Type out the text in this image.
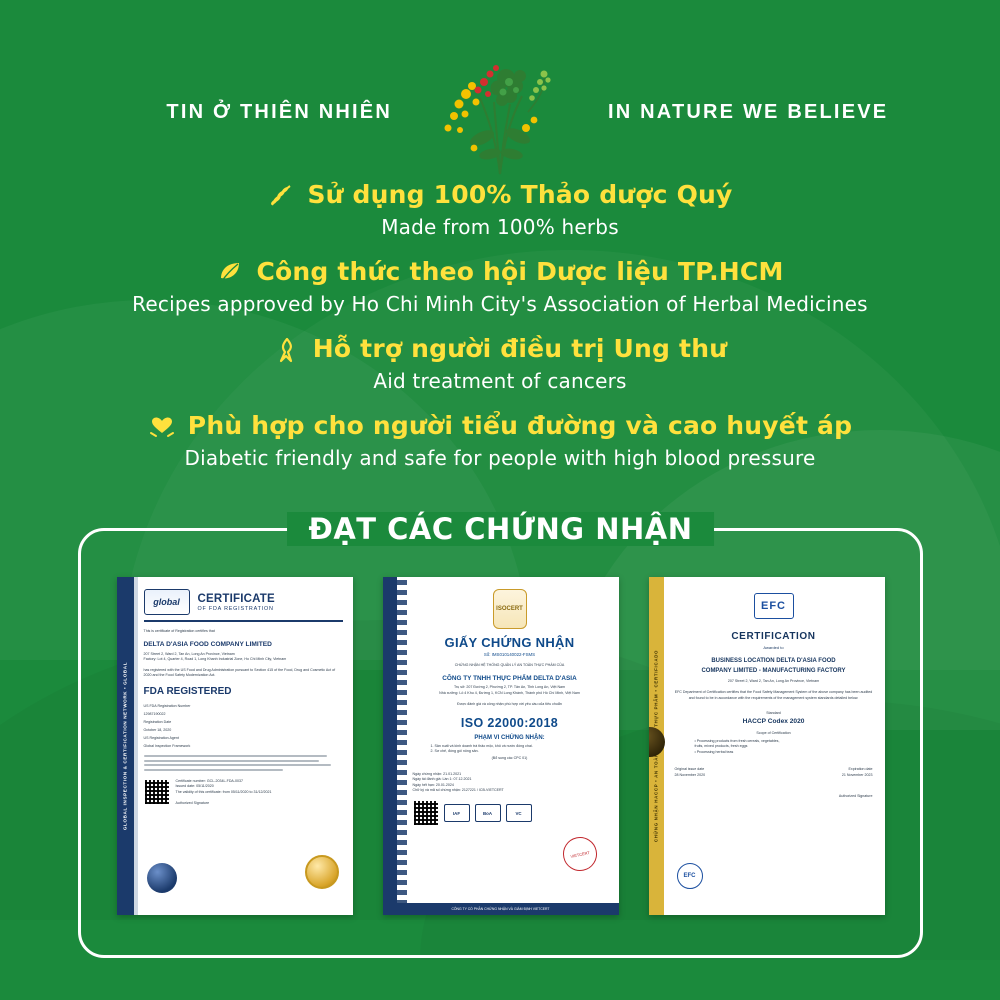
TIN Ở THIÊN NHIÊN	IN NATURE WE BELIEVE
Sử dụng 100% Thảo dược Quý
Made from 100% herbs
Công thức theo hội Dược liệu TP.HCM
Recipes approved by Ho Chi Minh City's Association of Herbal Medicines
Hỗ trợ người điều trị Ung thư
Aid treatment of cancers
Phù hợp cho người tiểu đường và cao huyết áp
Diabetic friendly and safe for people with high blood pressure
ĐẠT CÁC CHỨNG NHẬN
GLOBAL INSPECTION & CERTIFICATION NETWORK • GLOBAL
global	CERTIFICATE
OF FDA REGISTRATION
This is certificate of Registration certifies that
DELTA D'ASIA FOOD COMPANY LIMITED
207 Street 2, Ward 2, Tan An, Long An Province, Vietnam
Factory: Lot 4, Quarter 4, Road 1, Long Khanh Industrial Zone, Ho Chi Minh City, Vietnam
has registered with the US Food and Drug Administration pursuant to Section 415 of the Food, Drug and Cosmetic Act of 2020 and the Food Safety Modernization Act.
FDA REGISTERED
US FDA Registration Number
12987190022
Registration Date
October 18, 2020
US Registration Agent
Global Inspection Framework
Certificate number: GCL-2034L-FDA-0037
Issued date: 05/11/2020
The validity of this certificate: from 05/11/2020 to 31/12/2021
Authorized Signature
ISOCERT
GIẤY CHỨNG NHẬN
Số: IMS010140022-FSMS
CHỨNG NHẬN HỆ THỐNG QUẢN LÝ AN TOÀN THỰC PHẨM CỦA
CÔNG TY TNHH THỰC PHẨM DELTA D'ASIA
Trụ sở: 207 Đường 2, Phường 2, TP. Tân An, Tỉnh Long An, Việt Nam
Nhà xưởng: Lô 4 Khu 4, Đường 1, KCN Long Khánh, Thành phố Hồ Chí Minh, Việt Nam
Được đánh giá và công nhận phù hợp với yêu cầu của tiêu chuẩn
ISO 22000:2018
PHẠM VI CHỨNG NHẬN:
1. Sản xuất và kinh doanh trà thảo mộc, khô và nước đóng chai.
2. Sơ chế, đóng gói nông sản.
(Bổ sung các CPC 01)
Ngày chứng nhận: 21.01.2021
Ngày tái đánh giá: Lần 1: 07.12.2021
Ngày hết hạn: 20.01.2024
Chữ ký và mã số chứng nhận: 2127221 / ICB-VIETCERT
IAF	BoA	VC
VIETCERT
CÔNG TY CỔ PHẦN CHỨNG NHẬN VÀ GIÁM ĐỊNH VIETCERT
EFC
CERTIFICATION
Awarded to
BUSINESS LOCATION DELTA D'ASIA FOOD
COMPANY LIMITED - MANUFACTURING FACTORY
207 Street 2, Ward 2, Tan An, Long An Province, Vietnam
EFC Department of Certification certifies that the Food Safety Management System of the above company has been audited and found to be in accordance with the requirements of the management system standards detailed below.
Standard
HACCP Codex 2020
Scope of Certification
• Processing products from fresh cereals, vegetables,
fruits, mixed products, fresh eggs
• Processing herbal teas
Original issue date
28 November 2020
Expiration date
21 November 2023
Authorized Signature
EFC
